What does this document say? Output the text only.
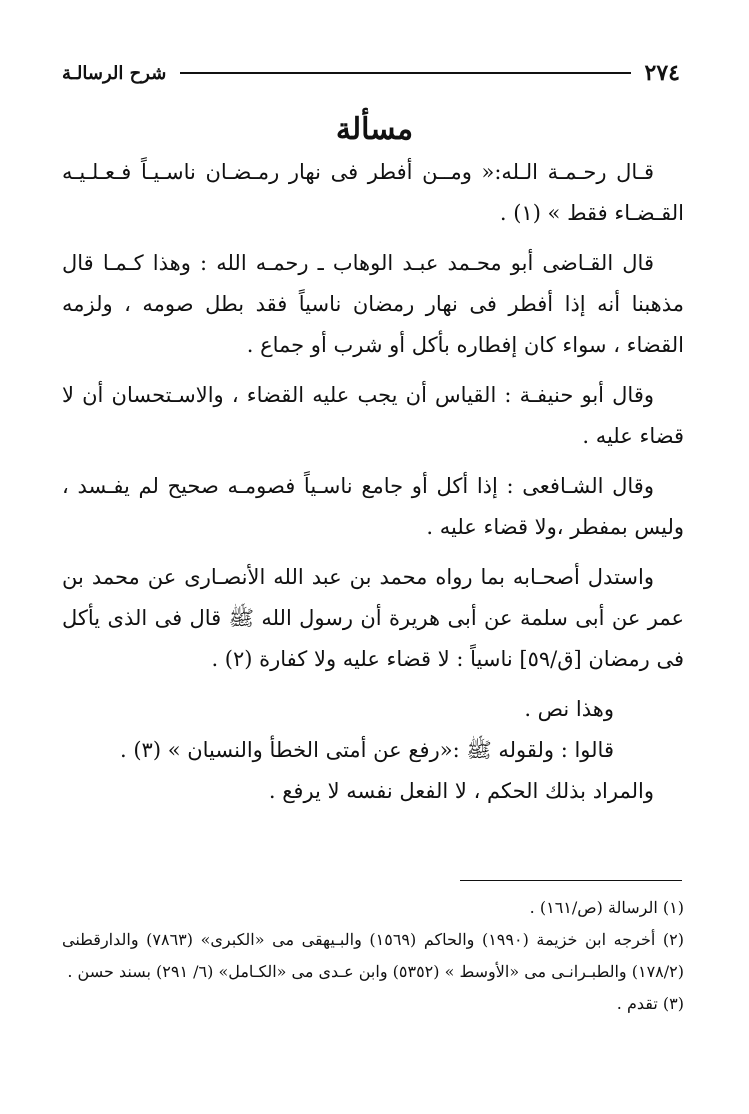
٢٧٤
شرح الرسالـة
مسألة

قـال رحـمـة الـله:« ومــن أفطر فى نهار رمـضـان ناسـيـاً فـعـلـيـه القـضـاء فقط » (١) .

قال القـاضى أبو محـمد عبـد الوهاب ـ رحمـه الله : وهذا كـمـا قال مذهبنا أنه إذا أفطر فى نهار رمضان ناسياً فقد بطل صومه ، ولزمه القضاء ، سواء كان إفطاره بأكل أو شرب أو جماع .

وقال أبو حنيفـة : القياس أن يجب عليه القضاء ، والاسـتحسان أن لا قضاء عليه .

وقال الشـافعى : إذا أكل أو جامع ناسـياً فصومـه صحيح لم يفـسد ، وليس بمفطر ،ولا قضاء عليه .

واستدل أصحـابه بما رواه محمد بن عبد الله الأنصـارى عن محمد بن عمر عن أبى سلمة عن أبى هريرة أن رسول الله ﷺ قال فى الذى يأكل فى رمضان [ق/٥٩] ناسياً : لا قضاء عليه ولا كفارة (٢) .

وهذا نص .

قالوا : ولقوله ﷺ :«رفع عن أمتى الخطأ والنسيان » (٣) .

والمراد بذلك الحكم ، لا الفعل نفسه لا يرفع .

(١) الرسالة (ص/١٦١) .

(٢) أخرجه ابن خزيمة (١٩٩٠) والحاكم (١٥٦٩) والبـيهقى مى «الكبرى» (٧٨٦٣) والدارقطنى (١٧٨/٢) والطبـرانـى مى «الأوسط » (٥٣٥٢) وابن عـدى مى «الكـامل» (٦/ ٢٩١) بسند حسن .

(٣) تقدم .
